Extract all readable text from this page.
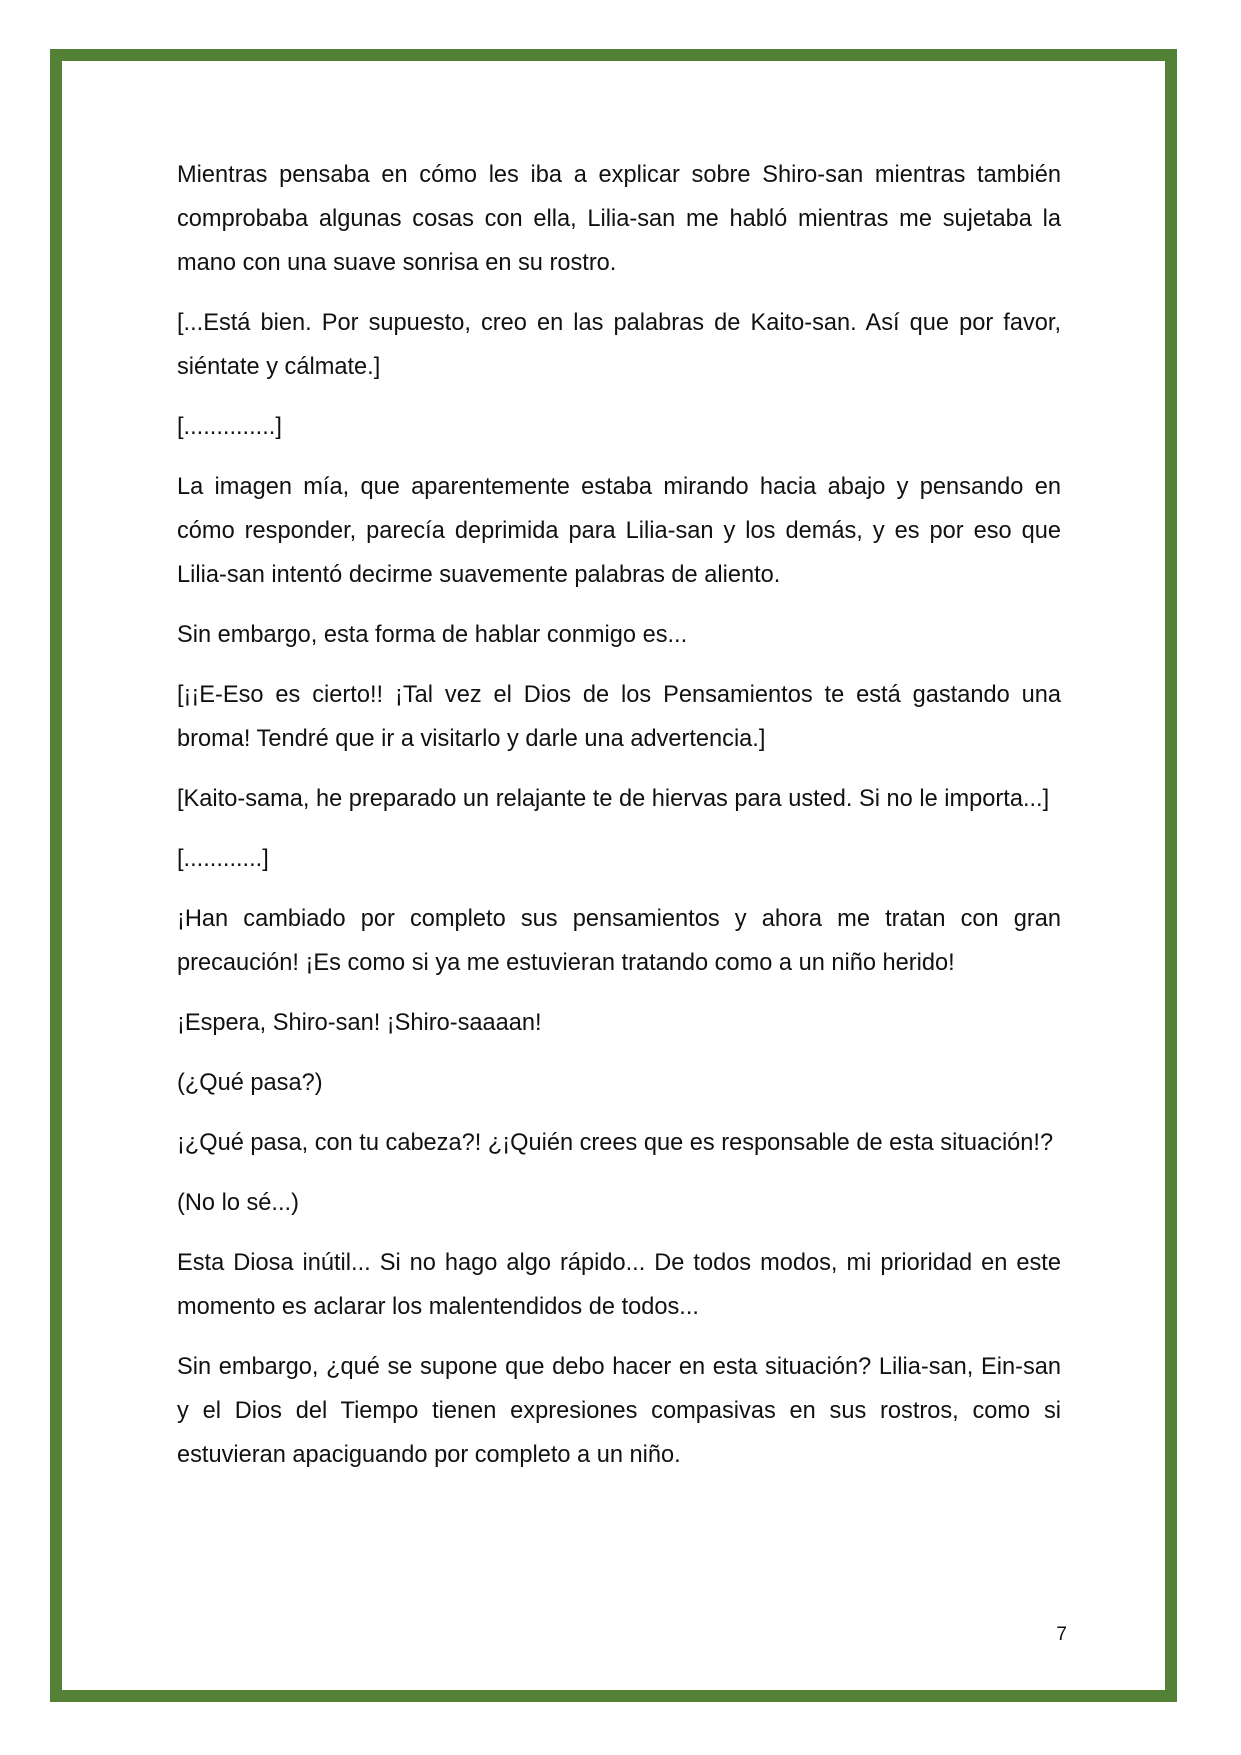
Mientras pensaba en cómo les iba a explicar sobre Shiro-san mientras también comprobaba algunas cosas con ella, Lilia-san me habló mientras me sujetaba la mano con una suave sonrisa en su rostro.

[...Está bien. Por supuesto, creo en las palabras de Kaito-san. Así que por favor, siéntate y cálmate.]

[..............]

La imagen mía, que aparentemente estaba mirando hacia abajo y pensando en cómo responder, parecía deprimida para Lilia-san y los demás, y es por eso que Lilia-san intentó decirme suavemente palabras de aliento.

Sin embargo, esta forma de hablar conmigo es...

[¡¡E-Eso es cierto!! ¡Tal vez el Dios de los Pensamientos te está gastando una broma! Tendré que ir a visitarlo y darle una advertencia.]

[Kaito-sama, he preparado un relajante te de hiervas para usted. Si no le importa...]

[............]

¡Han cambiado por completo sus pensamientos y ahora me tratan con gran precaución! ¡Es como si ya me estuvieran tratando como a un niño herido!

¡Espera, Shiro-san! ¡Shiro-saaaan!

(¿Qué pasa?)

¡¿Qué pasa, con tu cabeza?! ¿¡Quién crees que es responsable de esta situación!?

(No lo sé...)

Esta Diosa inútil... Si no hago algo rápido... De todos modos, mi prioridad en este momento es aclarar los malentendidos de todos...

Sin embargo, ¿qué se supone que debo hacer en esta situación? Lilia-san, Ein-san y el Dios del Tiempo tienen expresiones compasivas en sus rostros, como si estuvieran apaciguando por completo a un niño.

7
